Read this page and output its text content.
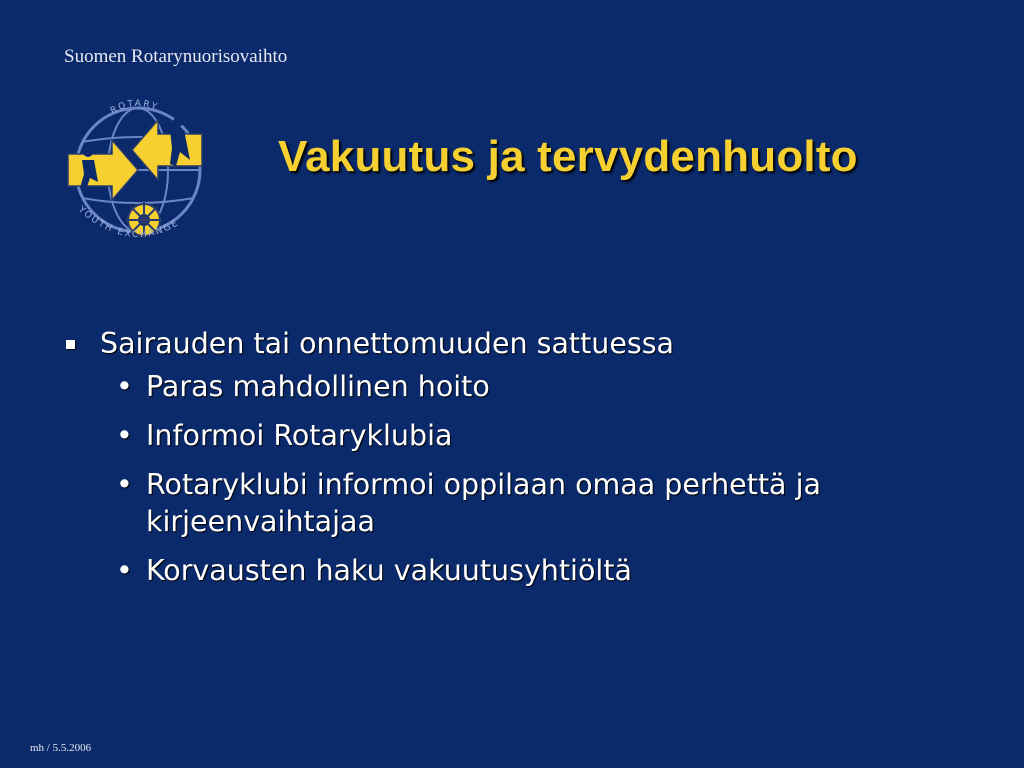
Suomen Rotarynuorisovaihto
ROTARY
YOUTH EXCHANGE
Vakuutus ja tervydenhuolto
Sairauden tai onnettomuuden sattuessa
• Paras mahdollinen hoito
• Informoi Rotaryklubia
• Rotaryklubi informoi oppilaan omaa perhettä ja kirjeenvaihtajaa
• Korvausten haku vakuutusyhtiöltä
mh / 5.5.2006
